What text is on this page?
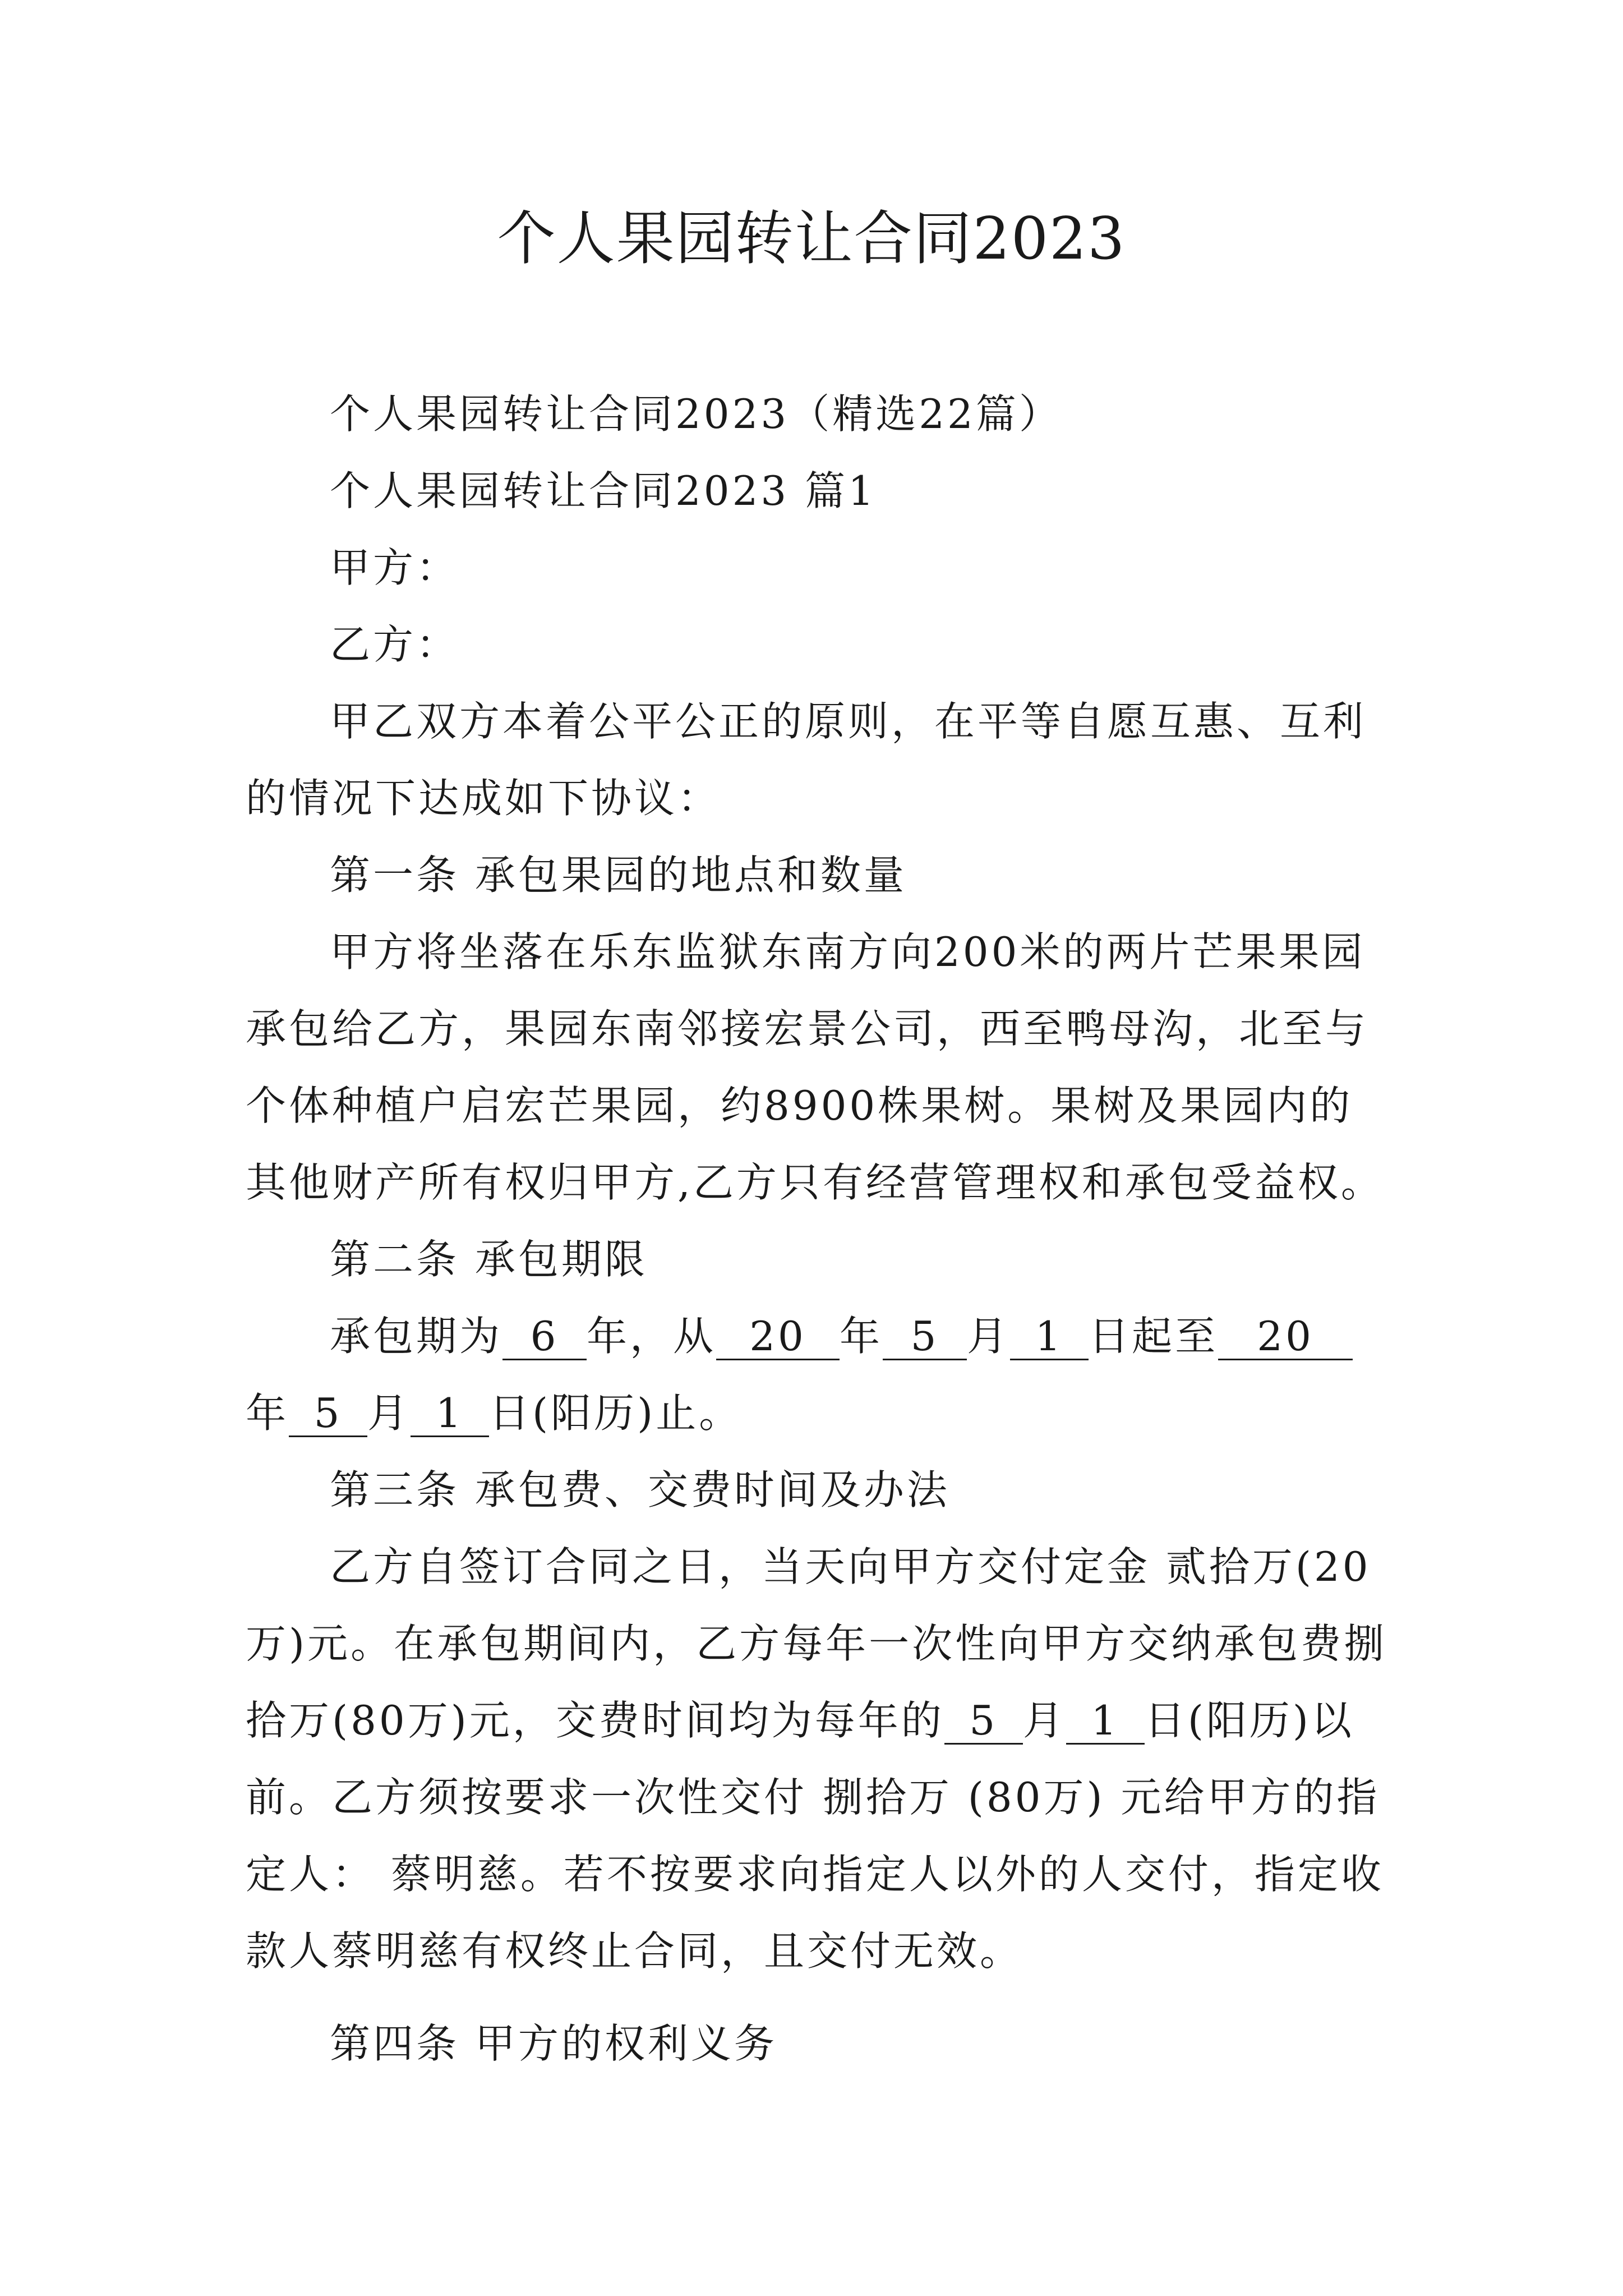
个人果园转让合同2023

个人果园转让合同2023（精选22篇）

个人果园转让合同2023 篇1

甲方：

乙方：

甲乙双方本着公平公正的原则，在平等自愿互惠、互利的情况下达成如下协议：

第一条 承包果园的地点和数量

甲方将坐落在乐东监狱东南方向200米的两片芒果果园承包给乙方，果园东南邻接宏景公司，西至鸭母沟，北至与个体种植户启宏芒果园，约8900株果树。果树及果园内的其他财产所有权归甲方,乙方只有经营管理权和承包受益权。

第二条 承包期限

承包期为 6 年，从 20 年 5 月 1 日起至 20年 5 月 1 日(阳历)止。

第三条 承包费、交费时间及办法

乙方自签订合同之日，当天向甲方交付定金 贰拾万(20万)元。在承包期间内，乙方每年一次性向甲方交纳承包费捌拾万(80万)元，交费时间均为每年的 5 月 1 日(阳历)以前。乙方须按要求一次性交付 捌拾万 (80万) 元给甲方的指定人： 蔡明慈。若不按要求向指定人以外的人交付，指定收款人蔡明慈有权终止合同，且交付无效。

第四条 甲方的权利义务
